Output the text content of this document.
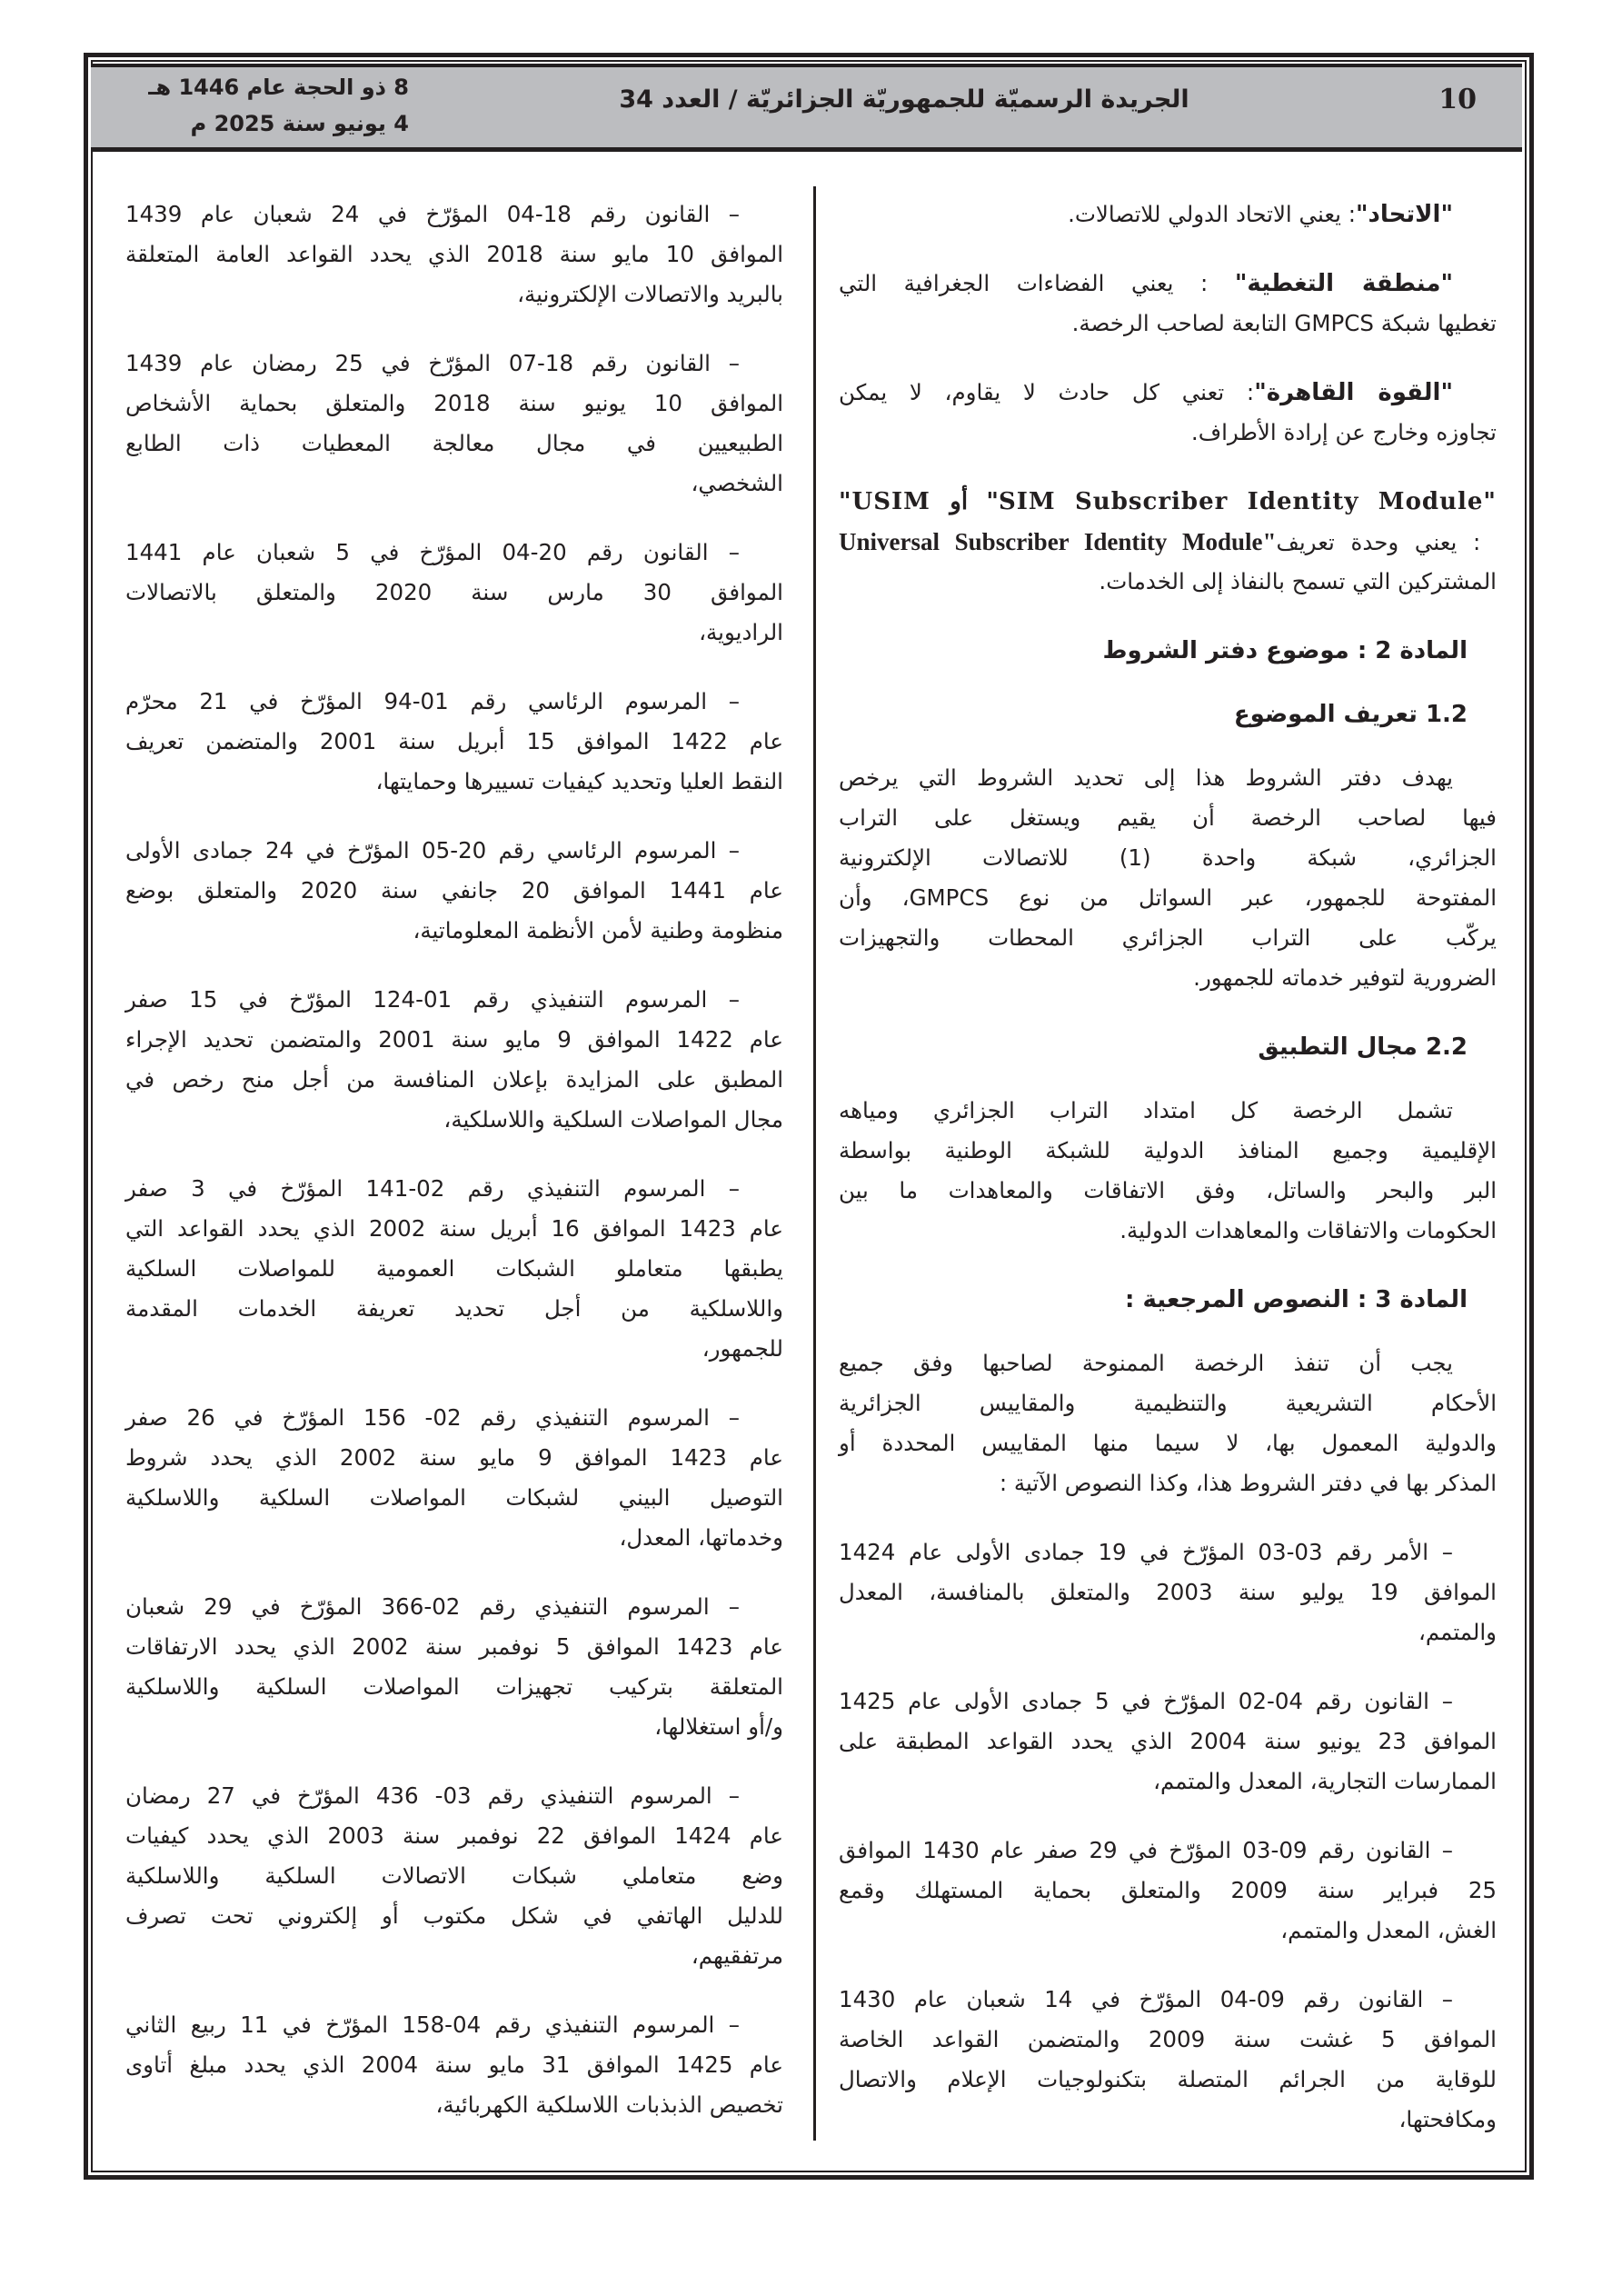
10
الجريدة الرسميّة للجمهوريّة الجزائريّة / العدد 34
8 ذو الحجة عام 1446 هـ
4 يونيو سنة 2025 م
"الاتحاد": يعني الاتحاد الدولي للاتصالات.
"منطقة التغطية" : يعني الفضاءات الجغرافية التي
تغطيها شبكة GMPCS التابعة لصاحب الرخصة.
"القوة القاهرة": تعني كل حادث لا يقاوم، لا يمكن
تجاوزه وخارج عن إرادة الأطراف.
"USIM أو "SIM Subscriber Identity Module"
Universal Subscriber Identity Module" : يعني وحدة تعريف
المشتركين التي تسمح بالنفاذ إلى الخدمات.
المادة 2 : موضوع دفتر الشروط
1.2 تعريف الموضوع
يهدف دفتر الشروط هذا إلى تحديد الشروط التي يرخص
فيها لصاحب الرخصة أن يقيم ويستغل على التراب
الجزائري، شبكة واحدة (1) للاتصالات الإلكترونية
المفتوحة للجمهور، عبر السواتل من نوع GMPCS، وأن
يركّب على التراب الجزائري المحطات والتجهيزات
الضرورية لتوفير خدماته للجمهور.
2.2 مجال التطبيق
تشمل الرخصة كل امتداد التراب الجزائري ومياهه
الإقليمية وجميع المنافذ الدولية للشبكة الوطنية بواسطة
البر والبحر والساتل، وفق الاتفاقات والمعاهدات ما بين
الحكومات والاتفاقات والمعاهدات الدولية.
المادة 3 : النصوص المرجعية :
يجب أن تنفذ الرخصة الممنوحة لصاحبها وفق جميع
الأحكام التشريعية والتنظيمية والمقاييس الجزائرية
والدولية المعمول بها، لا سيما منها المقاييس المحددة أو
المذكر بها في دفتر الشروط هذا، وكذا النصوص الآتية :
– الأمر رقم 03-03 المؤرّخ في 19 جمادى الأولى عام 1424
الموافق 19 يوليو سنة 2003 والمتعلق بالمنافسة، المعدل
والمتمم،
– القانون رقم 04-02 المؤرّخ في 5 جمادى الأولى عام 1425
الموافق 23 يونيو سنة 2004 الذي يحدد القواعد المطبقة على
الممارسات التجارية، المعدل والمتمم،
– القانون رقم 09-03 المؤرّخ في 29 صفر عام 1430 الموافق
25 فبراير سنة 2009 والمتعلق بحماية المستهلك وقمع
الغش، المعدل والمتمم،
– القانون رقم 09-04 المؤرّخ في 14 شعبان عام 1430
الموافق 5 غشت سنة 2009 والمتضمن القواعد الخاصة
للوقاية من الجرائم المتصلة بتكنولوجيات الإعلام والاتصال
ومكافحتها،
– القانون رقم 18-04 المؤرّخ في 24 شعبان عام 1439
الموافق 10 مايو سنة 2018 الذي يحدد القواعد العامة المتعلقة
بالبريد والاتصالات الإلكترونية،
– القانون رقم 18-07 المؤرّخ في 25 رمضان عام 1439
الموافق 10 يونيو سنة 2018 والمتعلق بحماية الأشخاص
الطبيعيين في مجال معالجة المعطيات ذات الطابع
الشخصي،
– القانون رقم 20-04 المؤرّخ في 5 شعبان عام 1441
الموافق 30 مارس سنة 2020 والمتعلق بالاتصالات
الراديوية،
– المرسوم الرئاسي رقم 01-94 المؤرّخ في 21 محرّم
عام 1422 الموافق 15 أبريل سنة 2001 والمتضمن تعريف
النقط العليا وتحديد كيفيات تسييرها وحمايتها،
– المرسوم الرئاسي رقم 20-05 المؤرّخ في 24 جمادى الأولى
عام 1441 الموافق 20 جانفي سنة 2020 والمتعلق بوضع
منظومة وطنية لأمن الأنظمة المعلوماتية،
– المرسوم التنفيذي رقم 01-124 المؤرّخ في 15 صفر
عام 1422 الموافق 9 مايو سنة 2001 والمتضمن تحديد الإجراء
المطبق على المزايدة بإعلان المنافسة من أجل منح رخص في
مجال المواصلات السلكية واللاسلكية،
– المرسوم التنفيذي رقم 02-141 المؤرّخ في 3 صفر
عام 1423 الموافق 16 أبريل سنة 2002 الذي يحدد القواعد التي
يطبقها متعاملو الشبكات العمومية للمواصلات السلكية
واللاسلكية من أجل تحديد تعريفة الخدمات المقدمة
للجمهور،
– المرسوم التنفيذي رقم 02- 156 المؤرّخ في 26 صفر
عام 1423 الموافق 9 مايو سنة 2002 الذي يحدد شروط
التوصيل البيني لشبكات المواصلات السلكية واللاسلكية
وخدماتها، المعدل،
– المرسوم التنفيذي رقم 02-366 المؤرّخ في 29 شعبان
عام 1423 الموافق 5 نوفمبر سنة 2002 الذي يحدد الارتفاقات
المتعلقة بتركيب تجهيزات المواصلات السلكية واللاسلكية
و/أو استغلالها،
– المرسوم التنفيذي رقم 03- 436 المؤرّخ في 27 رمضان
عام 1424 الموافق 22 نوفمبر سنة 2003 الذي يحدد كيفيات
وضع متعاملي شبكات الاتصالات السلكية واللاسلكية
للدليل الهاتفي في شكل مكتوب أو إلكتروني تحت تصرف
مرتفقيهم،
– المرسوم التنفيذي رقم 04-158 المؤرّخ في 11 ربيع الثاني
عام 1425 الموافق 31 مايو سنة 2004 الذي يحدد مبلغ أتاوى
تخصيص الذبذبات اللاسلكية الكهربائية،
